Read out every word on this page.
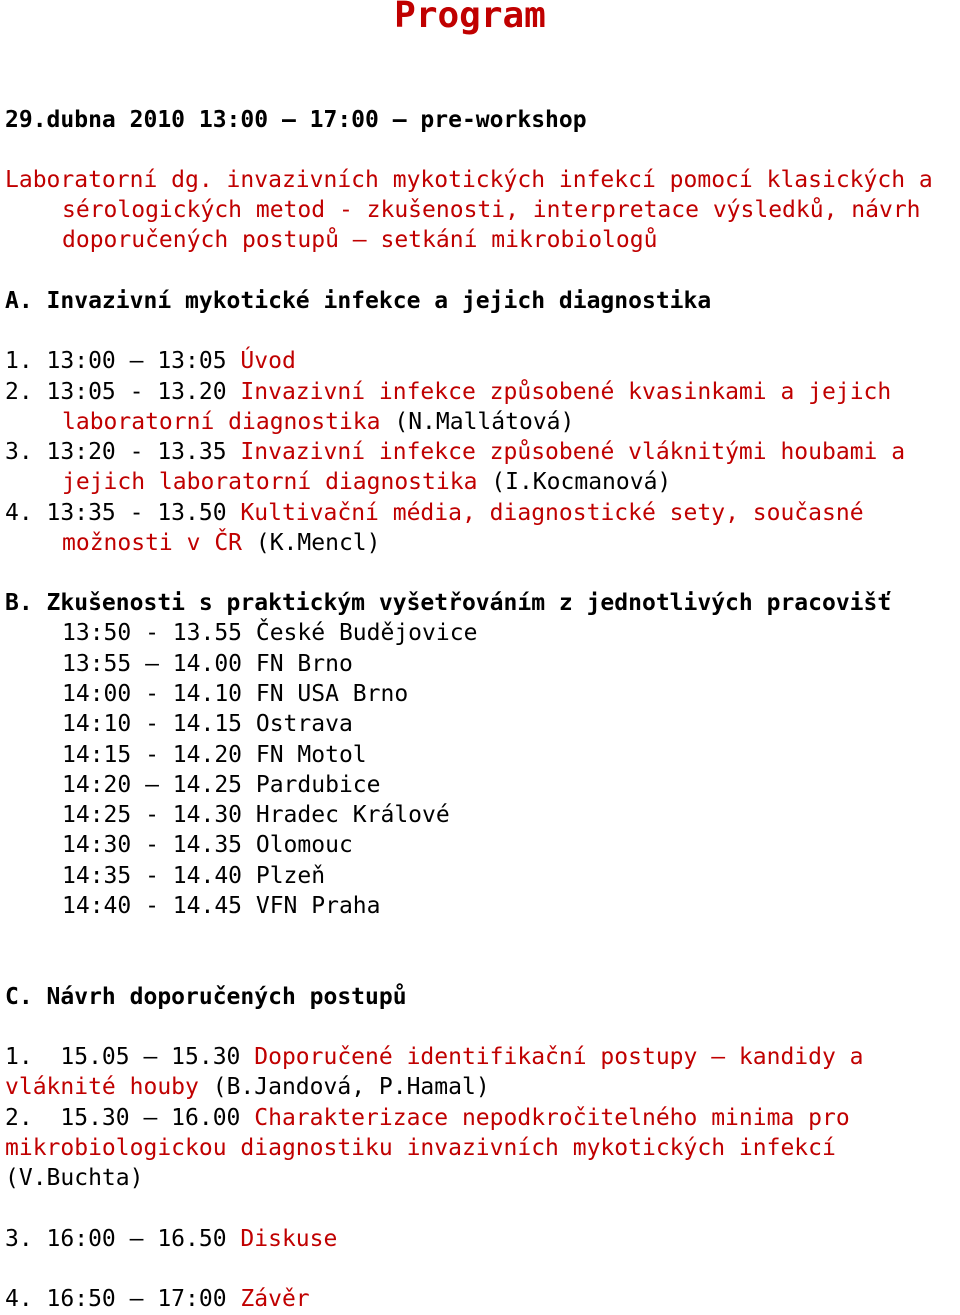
Program
29.dubna 2010 13:00 – 17:00 – pre-workshop
Laboratorní dg. invazivních mykotických infekcí pomocí klasických a
sérologických metod - zkušenosti, interpretace výsledků, návrh
doporučených postupů – setkání mikrobiologů
A. Invazivní mykotické infekce a jejich diagnostika
1. 13:00 – 13:05 Úvod
2. 13:05 - 13.20 Invazivní infekce způsobené kvasinkami a jejich
laboratorní diagnostika (N.Mallátová)
3. 13:20 - 13.35 Invazivní infekce způsobené vláknitými houbami a
jejich laboratorní diagnostika (I.Kocmanová)
4. 13:35 - 13.50 Kultivační média, diagnostické sety, současné
možnosti v ČR (K.Mencl)
B. Zkušenosti s praktickým vyšetřováním z jednotlivých pracovišť
13:50 - 13.55 České Budějovice
13:55 – 14.00 FN Brno
14:00 - 14.10 FN USA Brno
14:10 - 14.15 Ostrava
14:15 - 14.20 FN Motol
14:20 – 14.25 Pardubice
14:25 - 14.30 Hradec Králové
14:30 - 14.35 Olomouc
14:35 - 14.40 Plzeň
14:40 - 14.45 VFN Praha
C. Návrh doporučených postupů
1.  15.05 – 15.30 Doporučené identifikační postupy – kandidy a
vláknité houby (B.Jandová, P.Hamal)
2.  15.30 – 16.00 Charakterizace nepodkročitelného minima pro
mikrobiologickou diagnostiku invazivních mykotických infekcí
(V.Buchta)
3. 16:00 – 16.50 Diskuse
4. 16:50 – 17:00 Závěr
